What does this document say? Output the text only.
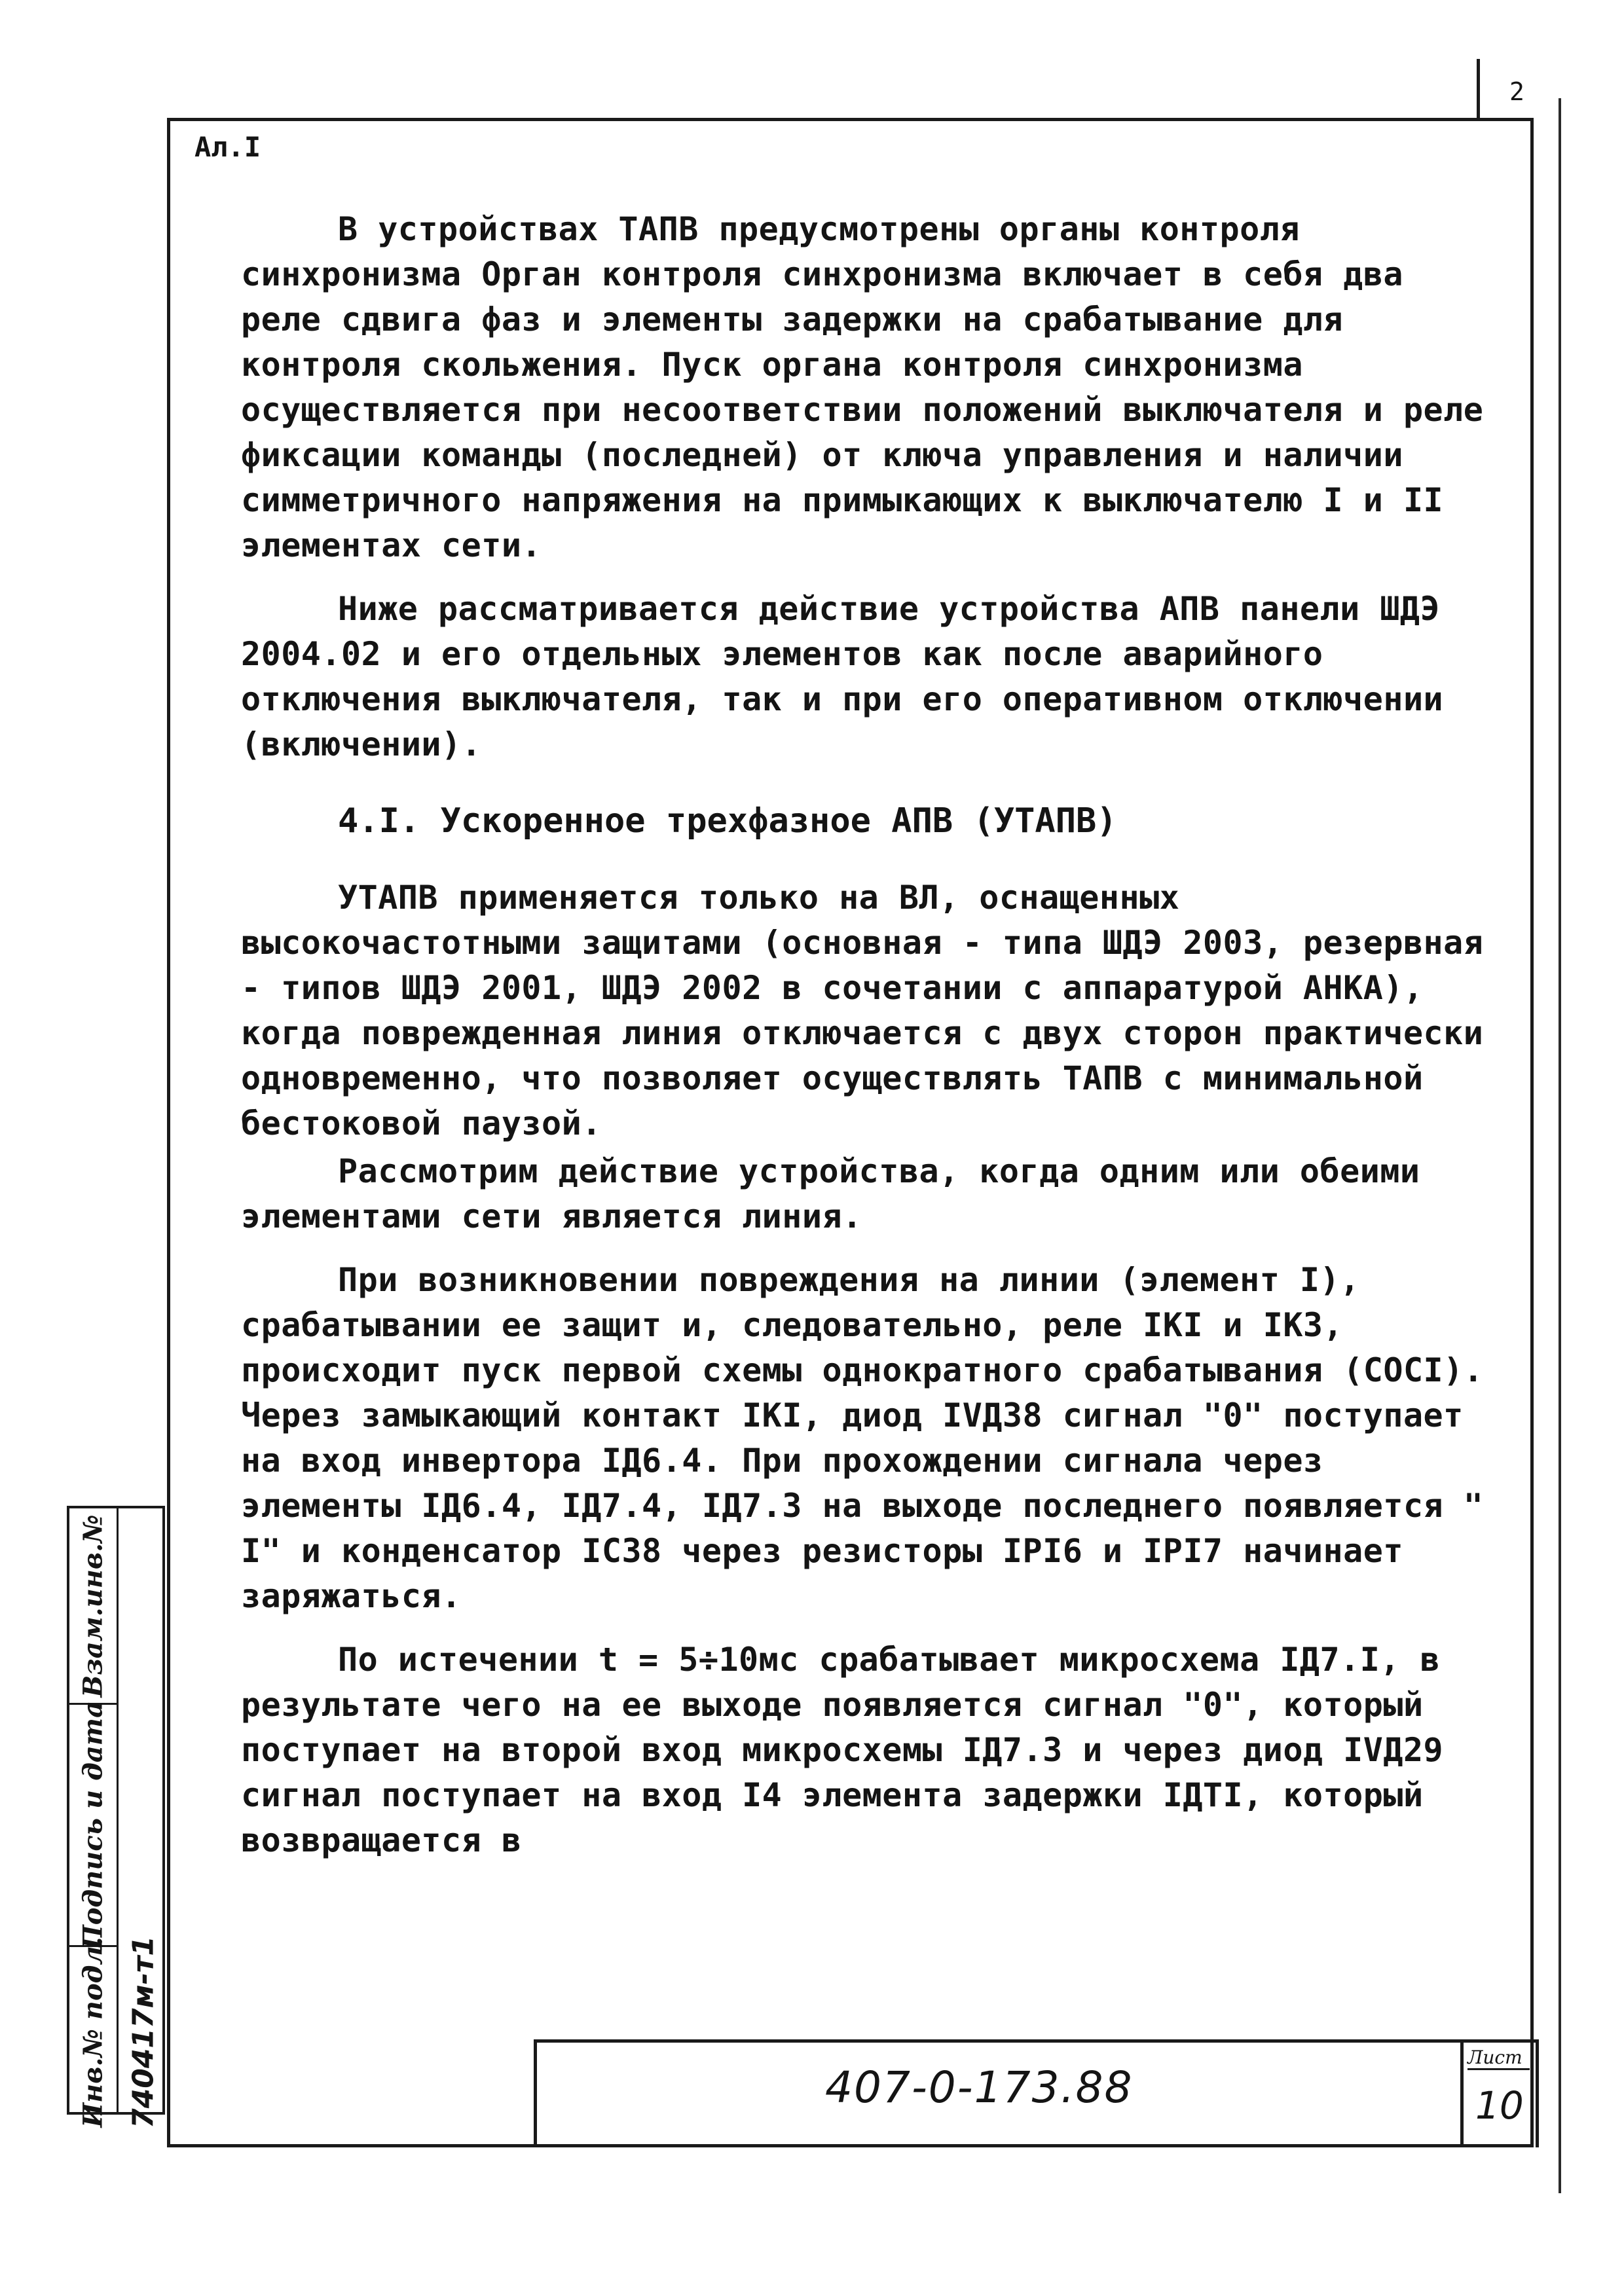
2
Ал.I

В устройствах ТАПВ предусмотрены органы контроля синхронизма Орган контроля синхронизма включает в себя два реле сдвига фаз и элементы задержки на срабатывание для контроля скольжения. Пуск органа контроля синхронизма осуществляется при несоответствии положений выключателя и реле фиксации команды (последней) от ключа управления и наличии симметричного напряжения на примыкающих к выключателю I и II элементах сети.

Ниже рассматривается действие устройства АПВ панели ШДЭ 2004.02 и его отдельных элементов как после аварийного отключения выключателя, так и при его оперативном отключении (включении).

4.I. Ускоренное трехфазное АПВ (УТАПВ)

УТАПВ применяется только на ВЛ, оснащенных высокочастотными защитами (основная - типа ШДЭ 2003, резервная - типов ШДЭ 2001, ШДЭ 2002 в сочетании с аппаратурой АНКА), когда поврежденная линия отключается с двух сторон практически одновременно, что позволяет осуществлять ТАПВ с минимальной бестоковой паузой.

Рассмотрим действие устройства, когда одним или обеими элементами сети является линия.

При возникновении повреждения на линии (элемент I), срабатывании ее защит и, следовательно, реле IKI и IK3, происходит пуск первой схемы однократного срабатывания (СОСI). Через замыкающий контакт IKI, диод IVД38 сигнал "0" поступает на вход инвертора IД6.4. При прохождении сигнала через элементы IД6.4, IД7.4, IД7.3 на выходе последнего появляется " I" и конденсатор IC38 через резисторы IPI6 и IPI7 начинает заряжаться.

По истечении t = 5÷10мс срабатывает микросхема IД7.I, в результате чего на ее выходе появляется сигнал "0", который поступает на второй вход микросхемы IД7.3 и через диод IVД29 сигнал поступает на вход I4 элемента задержки IДTI, который возвращается в

Взам.инв.№
Подпись и дата
Инв.№ подл. 740417м-т1	407-0-173.88
Лист
10
